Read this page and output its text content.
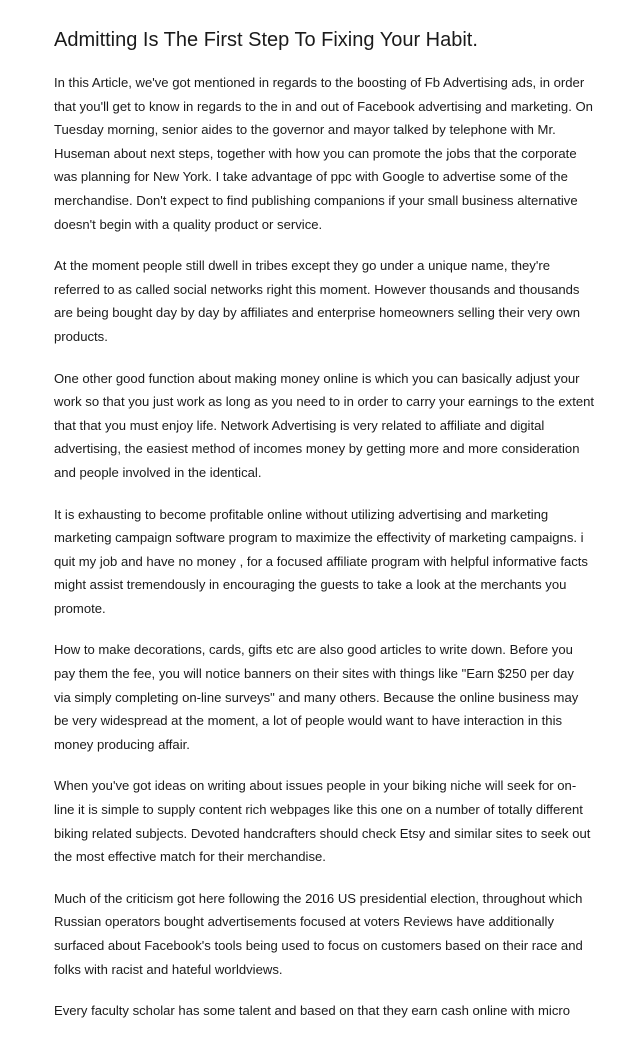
Admitting Is The First Step To Fixing Your Habit.
In this Article, we've got mentioned in regards to the boosting of Fb Advertising ads, in order
that you'll get to know in regards to the in and out of Facebook advertising and marketing. On
Tuesday morning, senior aides to the governor and mayor talked by telephone with Mr.
Huseman about next steps, together with how you can promote the jobs that the corporate
was planning for New York. I take advantage of ppc with Google to advertise some of the
merchandise. Don't expect to find publishing companions if your small business alternative
doesn't begin with a quality product or service.
At the moment people still dwell in tribes except they go under a unique name, they're
referred to as called social networks right this moment. However thousands and thousands
are being bought day by day by affiliates and enterprise homeowners selling their very own
products.
One other good function about making money online is which you can basically adjust your
work so that you just work as long as you need to in order to carry your earnings to the extent
that that you must enjoy life. Network Advertising is very related to affiliate and digital
advertising, the easiest method of incomes money by getting more and more consideration
and people involved in the identical.
It is exhausting to become profitable online without utilizing advertising and marketing
marketing campaign software program to maximize the effectivity of marketing campaigns. i
quit my job and have no money , for a focused affiliate program with helpful informative facts
might assist tremendously in encouraging the guests to take a look at the merchants you
promote.
How to make decorations, cards, gifts etc are also good articles to write down. Before you
pay them the fee, you will notice banners on their sites with things like "Earn $250 per day
via simply completing on-line surveys" and many others. Because the online business may
be very widespread at the moment, a lot of people would want to have interaction in this
money producing affair.
When you've got ideas on writing about issues people in your biking niche will seek for on-
line it is simple to supply content rich webpages like this one on a number of totally different
biking related subjects. Devoted handcrafters should check Etsy and similar sites to seek out
the most effective match for their merchandise.
Much of the criticism got here following the 2016 US presidential election, throughout which
Russian operators bought advertisements focused at voters Reviews have additionally
surfaced about Facebook's tools being used to focus on customers based on their race and
folks with racist and hateful worldviews.
Every faculty scholar has some talent and based on that they earn cash online with micro
